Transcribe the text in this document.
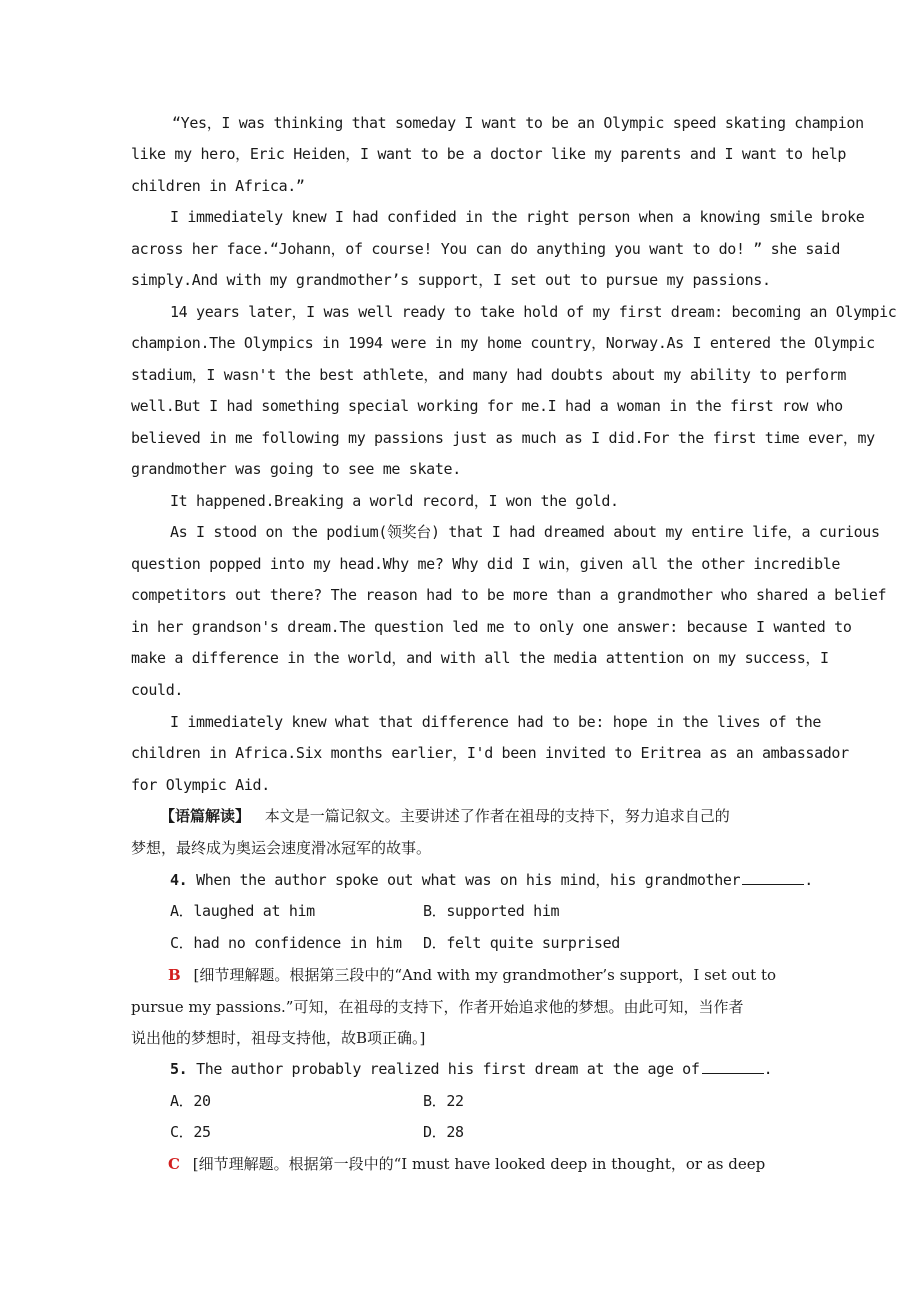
“Yes，I was thinking that someday I want to be an Olympic speed skating champion
like my hero，Eric Heiden，I want to be a doctor like my parents and I want to help
children in Africa.”
I immediately knew I had confided in the right person when a knowing smile broke
across her face.“Johann，of course! You can do anything you want to do! ” she said
simply.And with my grandmother’s support，I set out to pursue my passions.
14 years later，I was well ready to take hold of my first dream: becoming an Olympic
champion.The Olympics in 1994 were in my home country，Norway.As I entered the Olympic
stadium，I wasn't the best athlete，and many had doubts about my ability to perform
well.But I had something special working for me.I had a woman in the first row who
believed in me following my passions just as much as I did.For the first time ever，my
grandmother was going to see me skate.
It happened.Breaking a world record，I won the gold.
As I stood on the podium(领奖台) that I had dreamed about my entire life，a curious
question popped into my head.Why me? Why did I win，given all the other incredible
competitors out there? The reason had to be more than a grandmother who shared a belief
in her grandson's dream.The question led me to only one answer: because I wanted to
make a difference in the world，and with all the media attention on my success，I
could.
I immediately knew what that difference had to be: hope in the lives of the
children in Africa.Six months earlier，I'd been invited to Eritrea as an ambassador
for Olympic Aid.
【语篇解读】 本文是一篇记叙文。主要讲述了作者在祖母的支持下，努力追求自己的
梦想，最终成为奥运会速度滑冰冠军的故事。
4. When the author spoke out what was on his mind，his grandmother	.
A．laughed at him	B．supported him
C．had no confidence in him D．felt quite surprised
B [细节理解题。根据第三段中的“And with my grandmother’s support，I set out to
pursue my passions.”可知，在祖母的支持下，作者开始追求他的梦想。由此可知，当作者
说出他的梦想时，祖母支持他，故B项正确。]
5. The author probably realized his first dream at the age of	.
A．20	B．22
C．25	D．28
C [细节理解题。根据第一段中的“I must have looked deep in thought，or as deep
